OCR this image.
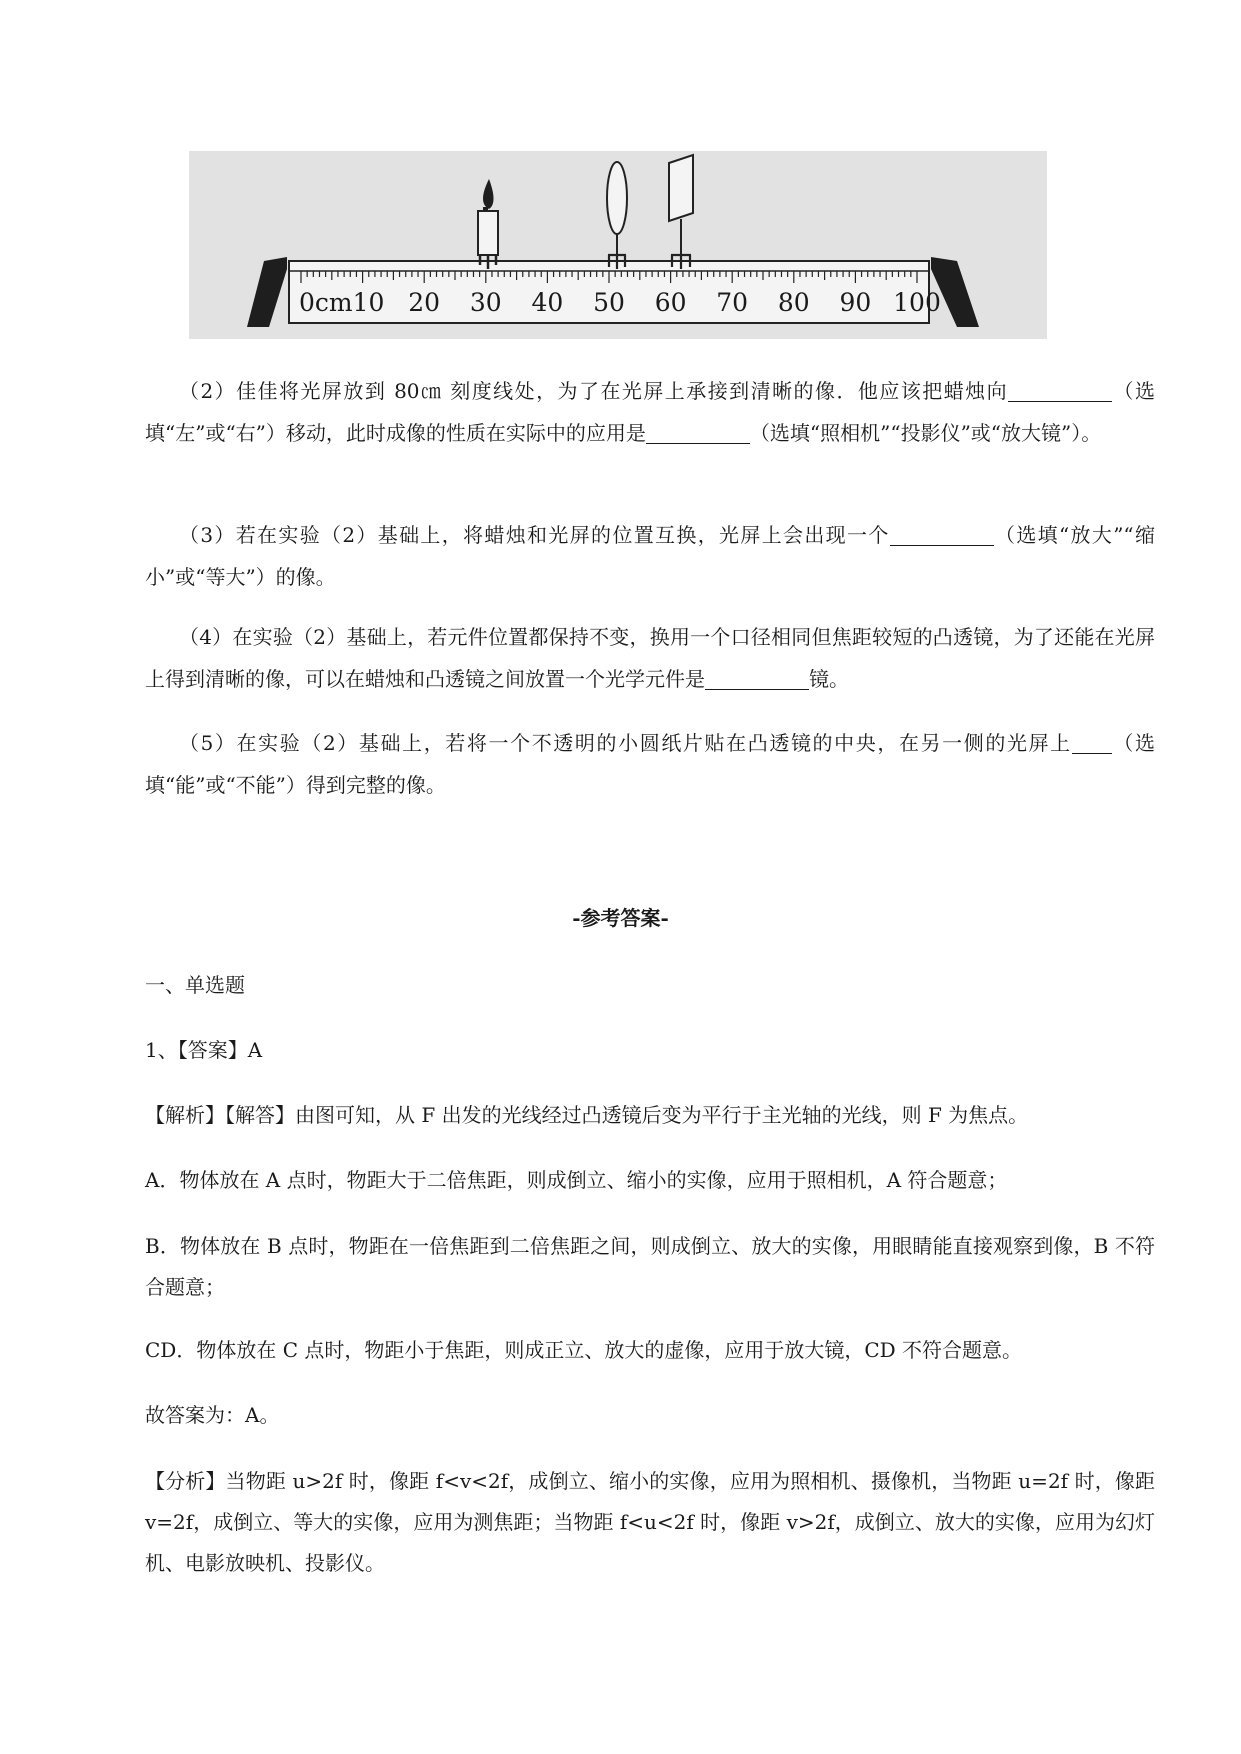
0cm10 20 30 40 50 60 70 80 90 100

（2）佳佳将光屏放到 80㎝ 刻度线处，为了在光屏上承接到清晰的像．他应该把蜡烛向	（选填“左”或“右”）移动，此时成像的性质在实际中的应用是	（选填“照相机”“投影仪”或“放大镜”）。

（3）若在实验（2）基础上，将蜡烛和光屏的位置互换，光屏上会出现一个	（选填“放大”“缩小”或“等大”）的像。

（4）在实验（2）基础上，若元件位置都保持不变，换用一个口径相同但焦距较短的凸透镜，为了还能在光屏上得到清晰的像，可以在蜡烛和凸透镜之间放置一个光学元件是	镜。

（5）在实验（2）基础上，若将一个不透明的小圆纸片贴在凸透镜的中央，在另一侧的光屏上 （选填“能”或“不能”）得到完整的像。

-参考答案-

一、单选题

1、【答案】A

【解析】【解答】由图可知，从 F 出发的光线经过凸透镜后变为平行于主光轴的光线，则 F 为焦点。

A．物体放在 A 点时，物距大于二倍焦距，则成倒立、缩小的实像，应用于照相机，A 符合题意；

B．物体放在 B 点时，物距在一倍焦距到二倍焦距之间，则成倒立、放大的实像，用眼睛能直接观察到像，B 不符合题意；

CD．物体放在 C 点时，物距小于焦距，则成正立、放大的虚像，应用于放大镜，CD 不符合题意。

故答案为：A。

【分析】当物距 u>2f 时，像距 f<v<2f，成倒立、缩小的实像，应用为照相机、摄像机，当物距 u=2f 时，像距 v=2f，成倒立、等大的实像，应用为测焦距；当物距 f<u<2f 时，像距 v>2f，成倒立、放大的实像，应用为幻灯机、电影放映机、投影仪。
